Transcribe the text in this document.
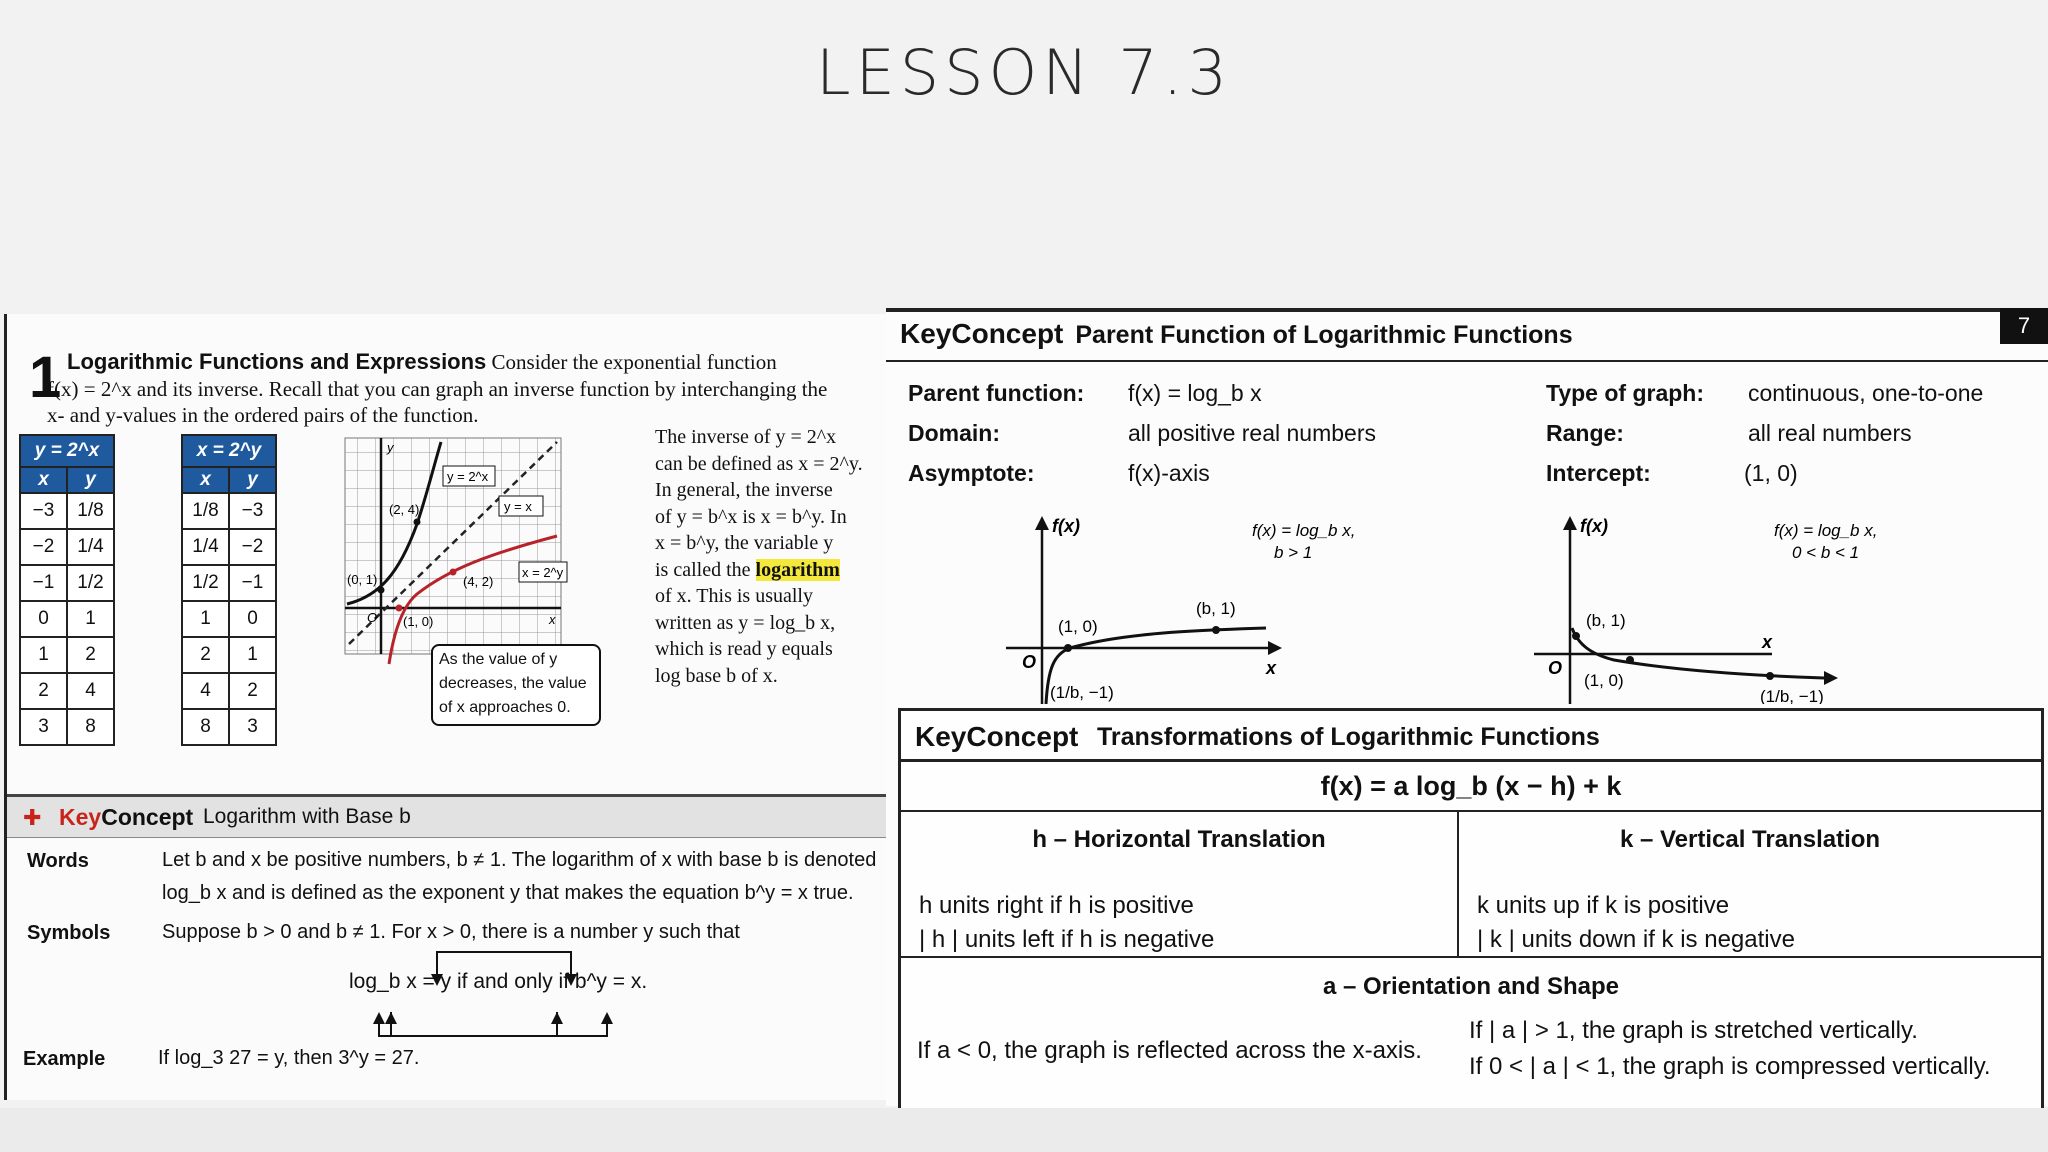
LESSON 7.3
1 Logarithmic Functions and Expressions Consider the exponential function
f(x) = 2^x and its inverse. Recall that you can graph an inverse function by interchanging the x- and y-values in the ordered pairs of the function.
y = 2^x	
x	y
−3	1/8
−2	1/4
−1	1/2
0	1
1	2
2	4
3	8
x = 2^y	
x	y
1/8	−3
1/4	−2
1/2	−1
1	0
2	1
4	2
8	3
y
x
O
y = 2^x
y = x
x = 2^y
(2, 4)
(0, 1)	(4, 2)
(1, 0)
As the value of y
decreases, the value
of x approaches 0.
The inverse of y = 2^x
can be defined as x = 2^y.
In general, the inverse
of y = b^x is x = b^y. In
x = b^y, the variable y
is called the logarithm
of x. This is usually
written as y = log_b x,
which is read y equals
log base b of x.
✚ KeyConcept Logarithm with Base b
Words	Let b and x be positive numbers, b ≠ 1. The logarithm of x with base b is denoted
log_b x and is defined as the exponent y that makes the equation b^y = x true.
Symbols	Suppose b > 0 and b ≠ 1. For x > 0, there is a number y such that
log_b x = y if and only if b^y = x.
Example	If log_3 27 = y, then 3^y = 27.
7
KeyConcept Parent Function of Logarithmic Functions
Parent function: f(x) = log_b x
Domain:	all positive real numbers
Asymptote:	f(x)-axis
Type of graph: continuous, one-to-one
Range:	all real numbers
Intercept:	(1, 0)
f(x)
x
O
f(x) = log_b x,
b > 1
(1, 0)
(b, 1)
(1/b, −1)
f(x)
x
O
f(x) = log_b x,
0 < b < 1
(b, 1)
(1, 0)
(1/b, −1)
KeyConcept Transformations of Logarithmic Functions
f(x) = a log_b (x − h) + k
h – Horizontal Translation
h units right if h is positive
| h | units left if h is negative
k – Vertical Translation
k units up if k is positive
| k | units down if k is negative
a – Orientation and Shape
If a < 0, the graph is reflected across the x-axis.
If | a | > 1, the graph is stretched vertically.
If 0 < | a | < 1, the graph is compressed vertically.
